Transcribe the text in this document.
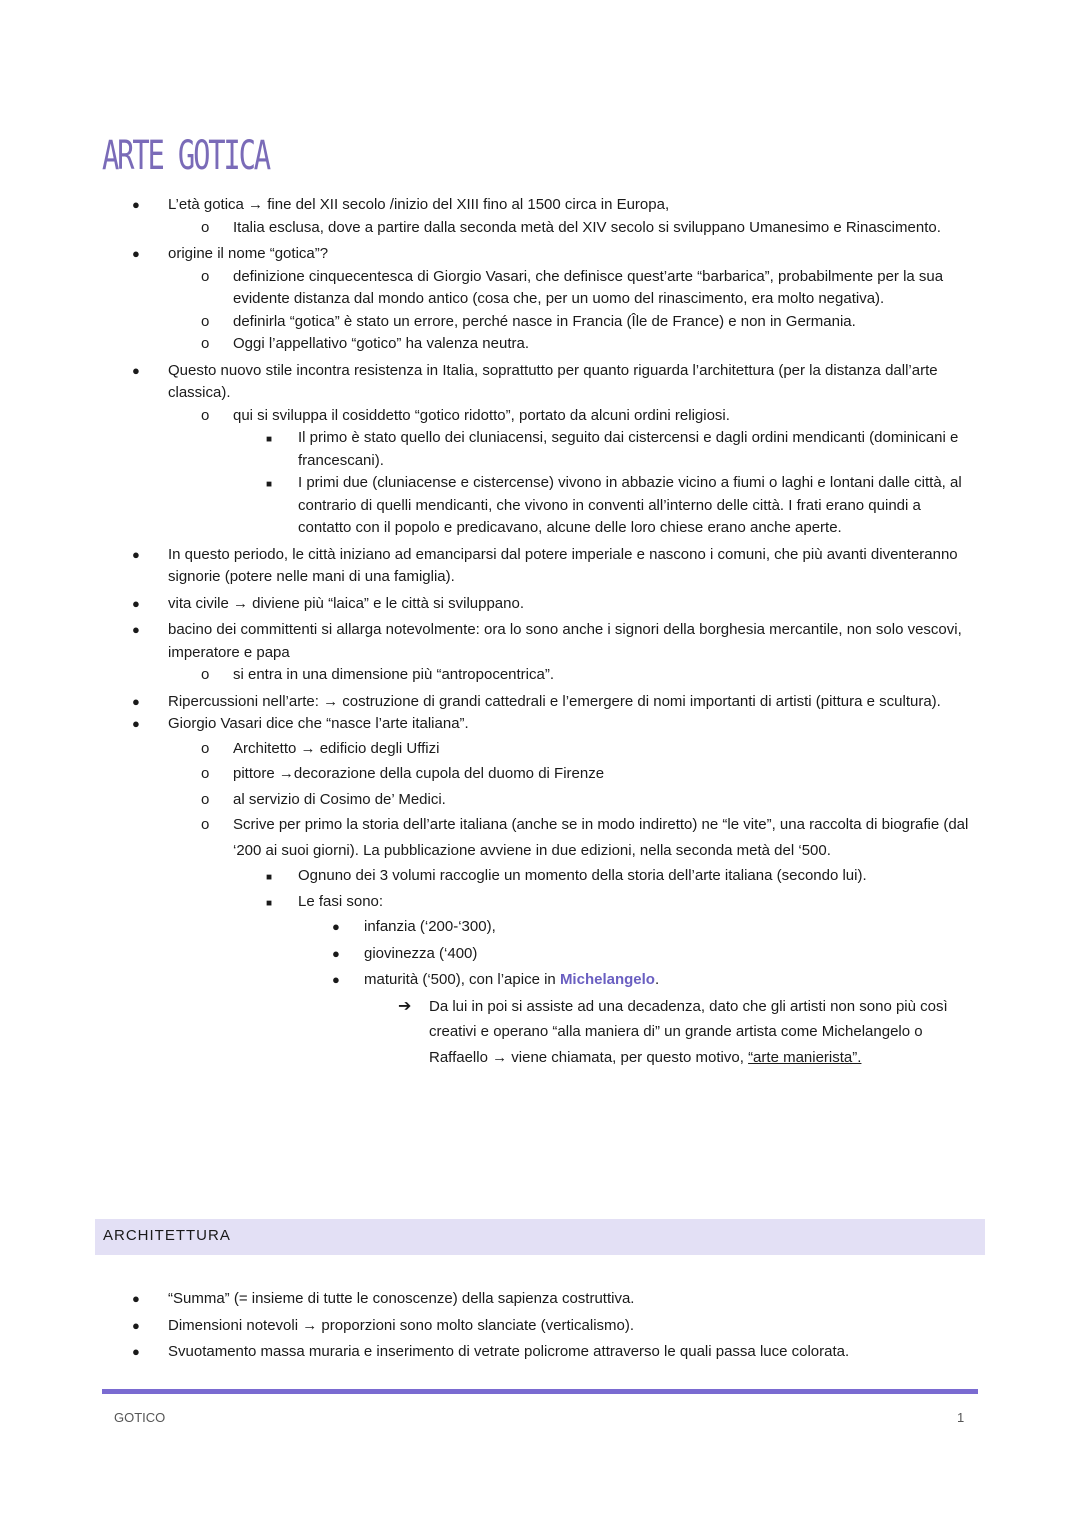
ARTE GOTICA
● L’età gotica → fine del XII secolo /inizio del XIII fino al 1500 circa in Europa,
o Italia esclusa, dove a partire dalla seconda metà del XIV secolo si sviluppano Umanesimo e Rinascimento.
● origine il nome “gotica”?
o definizione cinquecentesca di Giorgio Vasari, che definisce quest’arte “barbarica”, probabilmente per la sua evidente distanza dal mondo antico (cosa che, per un uomo del rinascimento, era molto negativa).
o definirla “gotica” è stato un errore, perché nasce in Francia (Île de France) e non in Germania.
o Oggi l’appellativo “gotico” ha valenza neutra.
● Questo nuovo stile incontra resistenza in Italia, soprattutto per quanto riguarda l’architettura (per la distanza dall’arte classica).
o qui si sviluppa il cosiddetto “gotico ridotto”, portato da alcuni ordini religiosi.
■ Il primo è stato quello dei cluniacensi, seguito dai cistercensi e dagli ordini mendicanti (dominicani e francescani).
■ I primi due (cluniacense e cistercense) vivono in abbazie vicino a fiumi o laghi e lontani dalle città, al contrario di quelli mendicanti, che vivono in conventi all’interno delle città. I frati erano quindi a contatto con il popolo e predicavano, alcune delle loro chiese erano anche aperte.
● In questo periodo, le città iniziano ad emanciparsi dal potere imperiale e nascono i comuni, che più avanti diventeranno signorie (potere nelle mani di una famiglia).
● vita civile → diviene più “laica” e le città si sviluppano.
● bacino dei committenti si allarga notevolmente: ora lo sono anche i signori della borghesia mercantile, non solo vescovi, imperatore e papa
o si entra in una dimensione più “antropocentrica”.
● Ripercussioni nell’arte: → costruzione di grandi cattedrali e l’emergere di nomi importanti di artisti (pittura e scultura).
● Giorgio Vasari dice che “nasce l’arte italiana”.
o Architetto → edificio degli Uffizi
o pittore →decorazione della cupola del duomo di Firenze
o al servizio di Cosimo de’ Medici.
o Scrive per primo la storia dell’arte italiana (anche se in modo indiretto) ne “le vite”, una raccolta di biografie (dal ‘200 ai suoi giorni). La pubblicazione avviene in due edizioni, nella seconda metà del ‘500.
■ Ognuno dei 3 volumi raccoglie un momento della storia dell’arte italiana (secondo lui).
■ Le fasi sono:
● infanzia (‘200-‘300),
● giovinezza (‘400)
● maturità (‘500), con l’apice in Michelangelo.
➔ Da lui in poi si assiste ad una decadenza, dato che gli artisti non sono più così creativi e operano “alla maniera di” un grande artista come Michelangelo o Raffaello → viene chiamata, per questo motivo, “arte manierista”.
ARCHITETTURA
● “Summa” (= insieme di tutte le conoscenze) della sapienza costruttiva.
● Dimensioni notevoli → proporzioni sono molto slanciate (verticalismo).
● Svuotamento massa muraria e inserimento di vetrate policrome attraverso le quali passa luce colorata.
GOTICO	1
